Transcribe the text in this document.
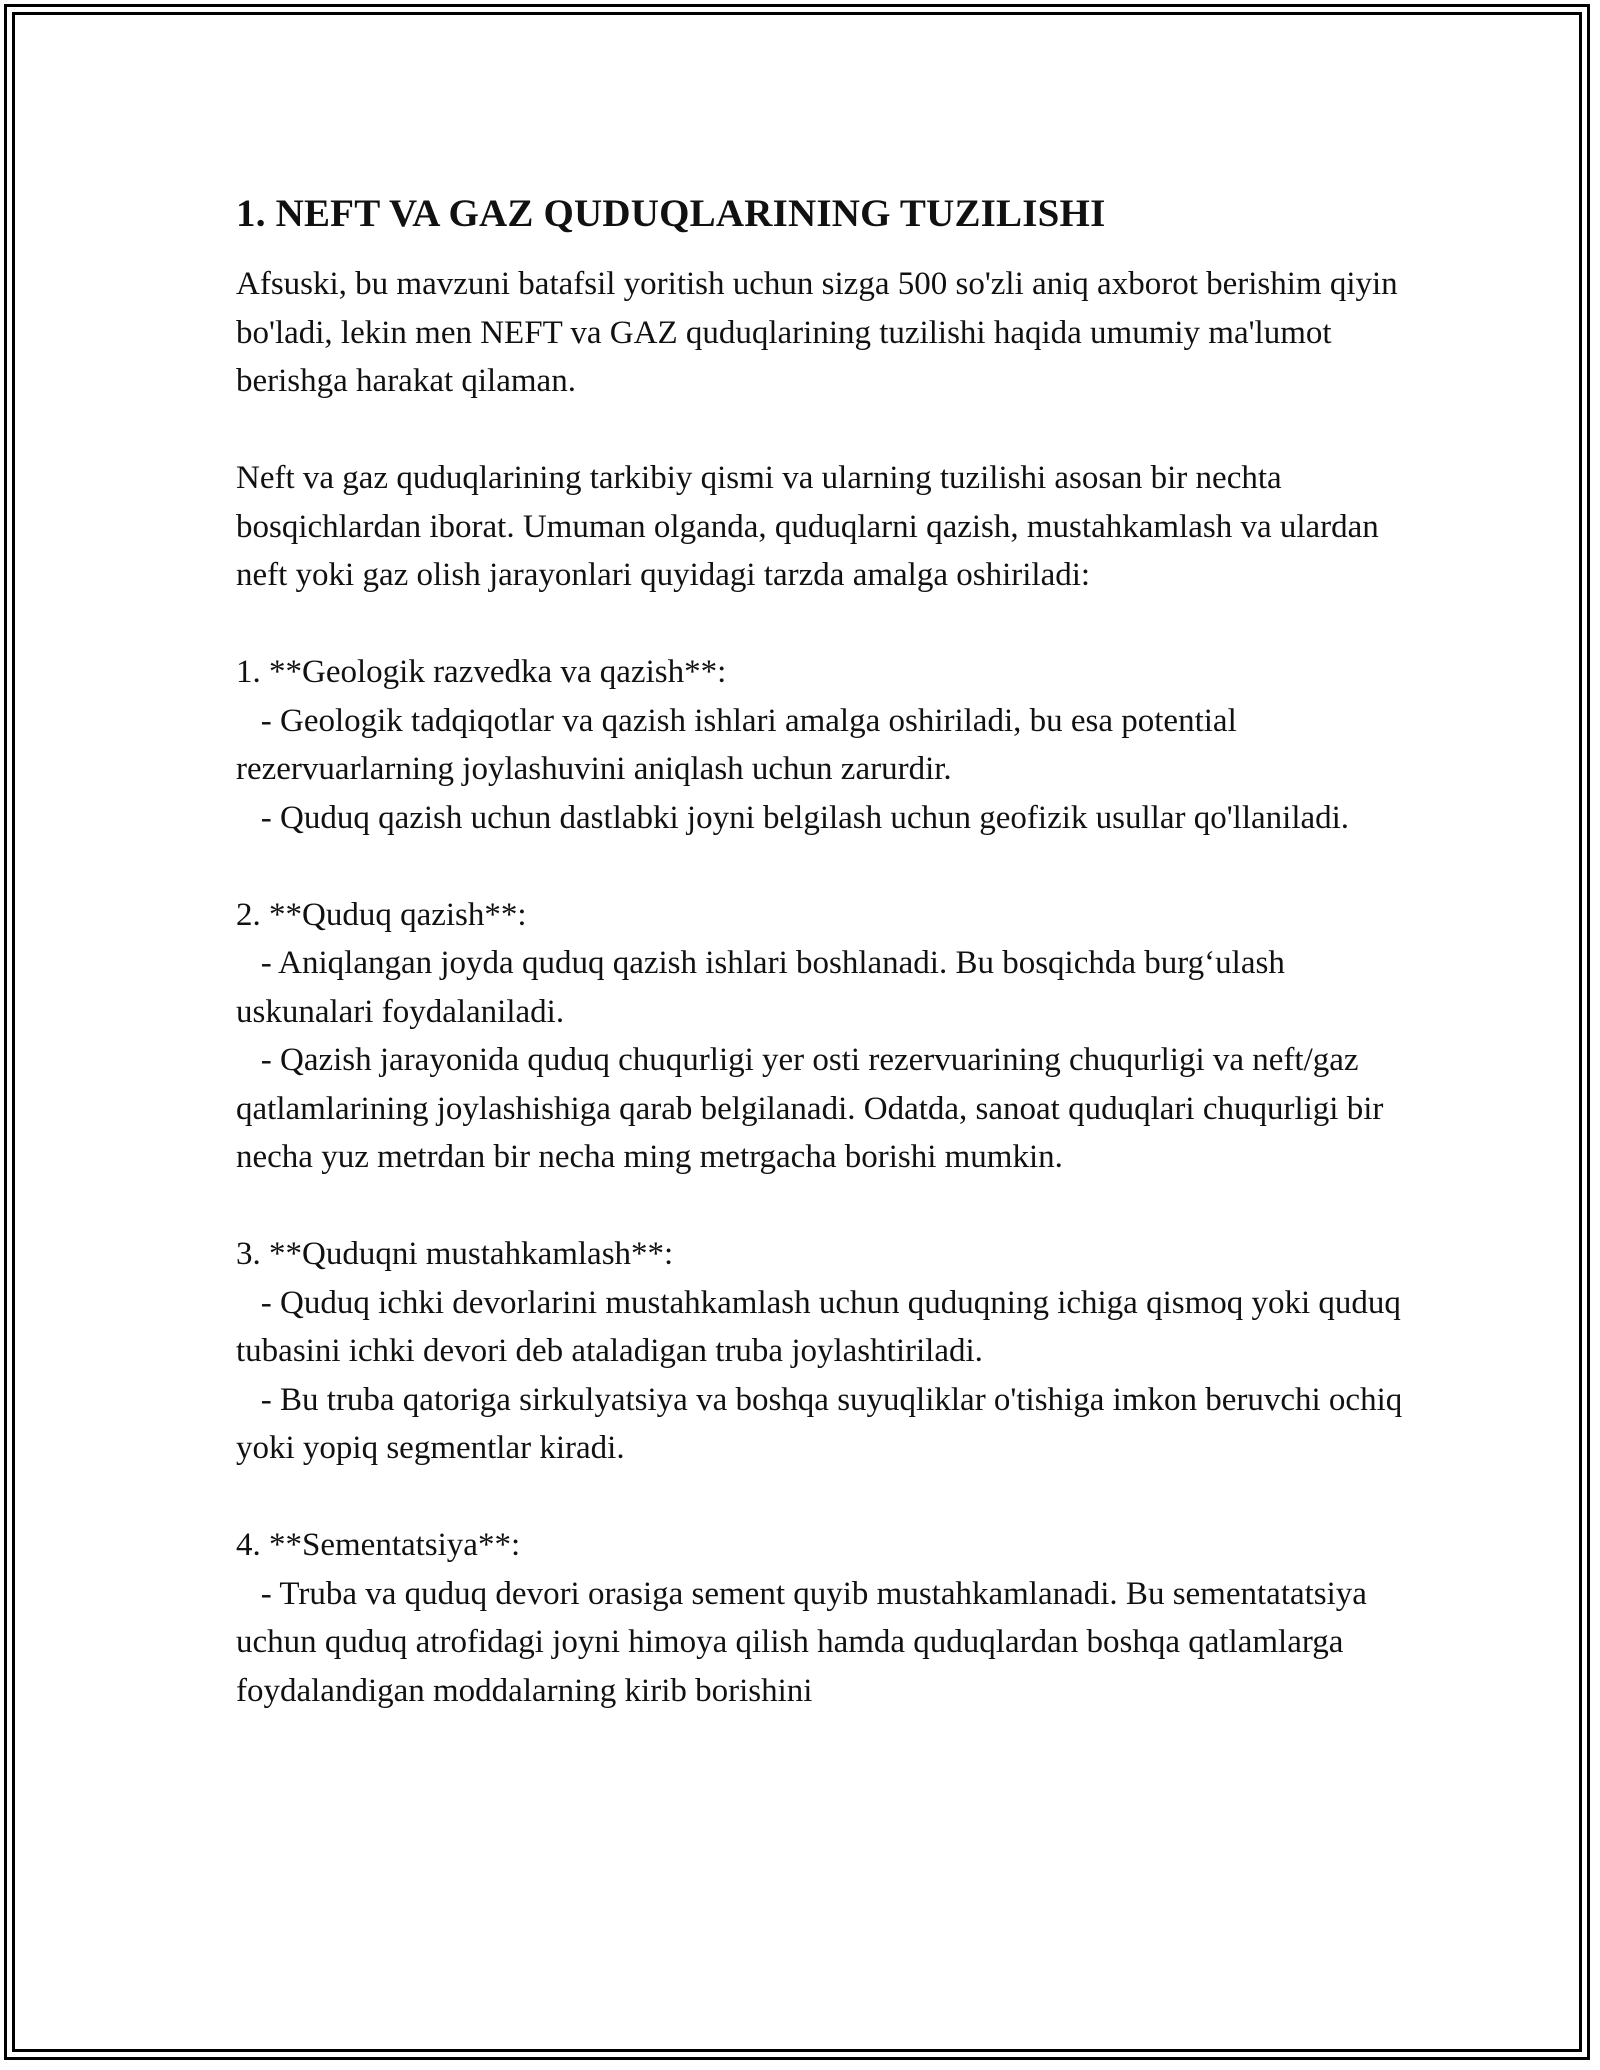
1. NEFT VA GAZ QUDUQLARINING TUZILISHI

Afsuski, bu mavzuni batafsil yoritish uchun sizga 500 so'zli aniq axborot berishim qiyin bo'ladi, lekin men NEFT va GAZ quduqlarining tuzilishi haqida umumiy ma'lumot berishga harakat qilaman.

Neft va gaz quduqlarining tarkibiy qismi va ularning tuzilishi asosan bir nechta bosqichlardan iborat. Umuman olganda, quduqlarni qazish, mustahkamlash va ulardan neft yoki gaz olish jarayonlari quyidagi tarzda amalga oshiriladi:

1. **Geologik razvedka va qazish**:

- Geologik tadqiqotlar va qazish ishlari amalga oshiriladi, bu esa potential rezervuarlarning joylashuvini aniqlash uchun zarurdir.

- Quduq qazish uchun dastlabki joyni belgilash uchun geofizik usullar qo'llaniladi.

2. **Quduq qazish**:

- Aniqlangan joyda quduq qazish ishlari boshlanadi. Bu bosqichda burg‘ulash uskunalari foydalaniladi.

- Qazish jarayonida quduq chuqurligi yer osti rezervuarining chuqurligi va neft/gaz qatlamlarining joylashishiga qarab belgilanadi. Odatda, sanoat quduqlari chuqurligi bir necha yuz metrdan bir necha ming metrgacha borishi mumkin.

3. **Quduqni mustahkamlash**:

- Quduq ichki devorlarini mustahkamlash uchun quduqning ichiga qismoq yoki quduq tubasini ichki devori deb ataladigan truba joylashtiriladi.

- Bu truba qatoriga sirkulyatsiya va boshqa suyuqliklar o'tishiga imkon beruvchi ochiq yoki yopiq segmentlar kiradi.

4. **Sementatsiya**:

- Truba va quduq devori orasiga sement quyib mustahkamlanadi. Bu sementatatsiya uchun quduq atrofidagi joyni himoya qilish hamda quduqlardan boshqa qatlamlarga foydalandigan moddalarning kirib borishini
